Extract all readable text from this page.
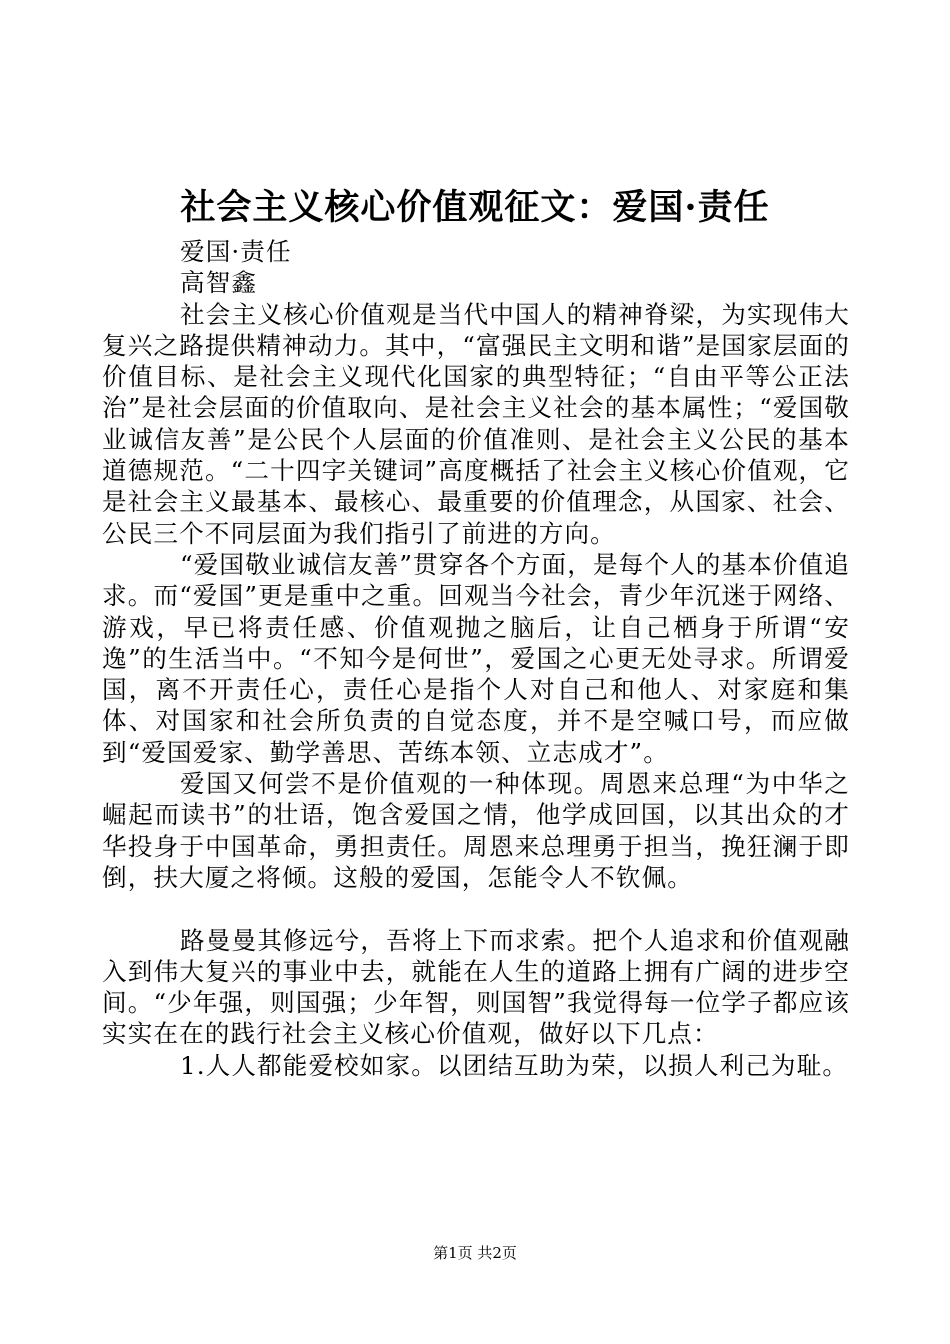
社会主义核心价值观征文：爱国·责任
爱国·责任
高智鑫

社会主义核心价值观是当代中国人的精神脊梁，为实现伟大复兴之路提供精神动力。其中，“富强民主文明和谐”是国家层面的价值目标、是社会主义现代化国家的典型特征；“自由平等公正法治”是社会层面的价值取向、是社会主义社会的基本属性；“爱国敬业诚信友善”是公民个人层面的价值准则、是社会主义公民的基本道德规范。“二十四字关键词”高度概括了社会主义核心价值观，它是社会主义最基本、最核心、最重要的价值理念，从国家、社会、公民三个不同层面为我们指引了前进的方向。

“爱国敬业诚信友善”贯穿各个方面，是每个人的基本价值追求。而“爱国”更是重中之重。回观当今社会，青少年沉迷于网络、游戏，早已将责任感、价值观抛之脑后，让自己栖身于所谓“安逸”的生活当中。“不知今是何世”，爱国之心更无处寻求。所谓爱国，离不开责任心，责任心是指个人对自己和他人、对家庭和集体、对国家和社会所负责的自觉态度，并不是空喊口号，而应做到“爱国爱家、勤学善思、苦练本领、立志成才”。

爱国又何尝不是价值观的一种体现。周恩来总理“为中华之崛起而读书”的壮语，饱含爱国之情，他学成回国，以其出众的才华投身于中国革命，勇担责任。周恩来总理勇于担当，挽狂澜于即倒，扶大厦之将倾。这般的爱国，怎能令人不钦佩。

路曼曼其修远兮，吾将上下而求索。把个人追求和价值观融入到伟大复兴的事业中去，就能在人生的道路上拥有广阔的进步空间。“少年强，则国强；少年智，则国智”我觉得每一位学子都应该实实在在的践行社会主义核心价值观，做好以下几点：

1.人人都能爱校如家。以团结互助为荣，以损人利己为耻。

第1页 共2页
